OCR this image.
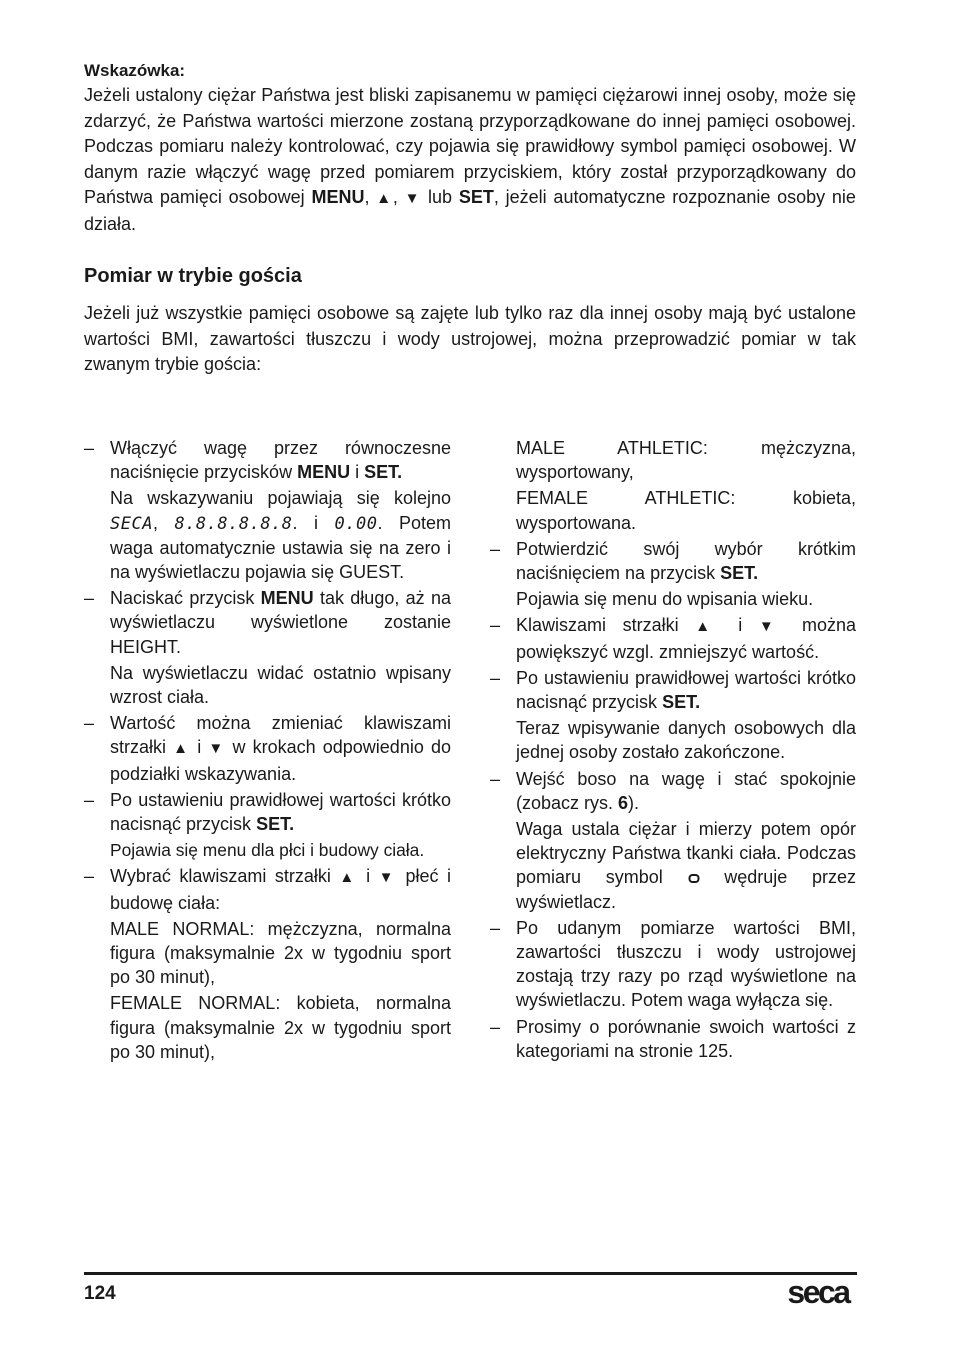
Wskazówka:

Jeżeli ustalony ciężar Państwa jest bliski zapisanemu w pamięci ciężarowi innej osoby, może się zdarzyć, że Państwa wartości mierzone zostaną przyporządkowane do innej pamięci osobowej. Podczas pomiaru należy kontrolować, czy pojawia się prawidłowy symbol pamięci osobowej. W danym razie włączyć wagę przed pomiarem przyciskiem, który został przyporządkowany do Państwa pamięci osobowej MENU, ▲, ▼ lub SET, jeżeli automatyczne rozpoznanie osoby nie działa.

Pomiar w trybie gościa

Jeżeli już wszystkie pamięci osobowe są zajęte lub tylko raz dla innej osoby mają być ustalone wartości BMI, zawartości tłuszczu i wody ustrojowej, można przeprowadzić pomiar w tak zwanym trybie gościa:

– Włączyć wagę przez równoczesne naciśnięcie przycisków MENU i SET.

Na wskazywaniu pojawiają się kolejno SECA, 8.8.8.8.8.8. i 0.00. Potem waga automatycznie ustawia się na zero i na wyświetlaczu pojawia się GUEST.

– Naciskać przycisk MENU tak długo, aż na wyświetlaczu wyświetlone zostanie HEIGHT.

Na wyświetlaczu widać ostatnio wpisany wzrost ciała.

– Wartość można zmieniać klawiszami strzałki ▲ i ▼ w krokach odpowiednio do podziałki wskazywania.

– Po ustawieniu prawidłowej wartości krótko nacisnąć przycisk SET.

Pojawia się menu dla płci i budowy ciała.

– Wybrać klawiszami strzałki ▲ i ▼ płeć i budowę ciała:

MALE NORMAL: mężczyzna, normalna figura (maksymalnie 2x w tygodniu sport po 30 minut),

FEMALE NORMAL: kobieta, normalna figura (maksymalnie 2x w tygodniu sport po 30 minut),

MALE ATHLETIC: mężczyzna, wysportowany,

FEMALE ATHLETIC: kobieta, wysportowana.

– Potwierdzić swój wybór krótkim naciśnięciem na przycisk SET.

Pojawia się menu do wpisania wieku.

– Klawiszami strzałki ▲ i ▼ można powiększyć wzgl. zmniejszyć wartość.

– Po ustawieniu prawidłowej wartości krótko nacisnąć przycisk SET.

Teraz wpisywanie danych osobowych dla jednej osoby zostało zakończone.

– Wejść boso na wagę i stać spokojnie (zobacz rys. 6).

Waga ustala ciężar i mierzy potem opór elektryczny Państwa tkanki ciała. Podczas pomiaru symbol  wędruje przez wyświetlacz.

– Po udanym pomiarze wartości BMI, zawartości tłuszczu i wody ustrojowej zostają trzy razy po rząd wyświetlone na wyświetlaczu. Potem waga wyłącza się.

– Prosimy o porównanie swoich wartości z kategoriami na stronie 125.

124	seca
